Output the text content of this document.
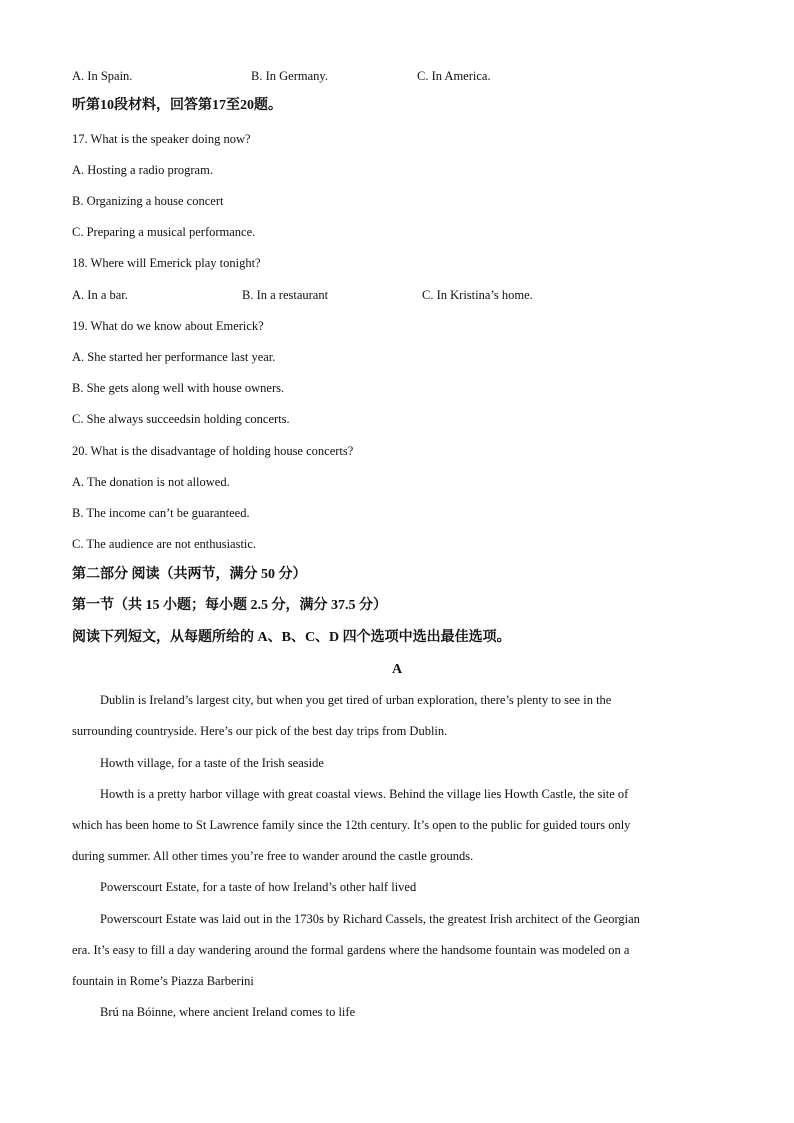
A. In Spain.	B. In Germany.	C. In America.
听第10段材料，回答第17至20题。
17. What is the speaker doing now?
A. Hosting a radio program.
B. Organizing a house concert
C. Preparing a musical performance.
18. Where will Emerick play tonight?
A. In a bar.	B. In a restaurant	C. In Kristina’s home.
19. What do we know about Emerick?
A. She started her performance last year.
B. She gets along well with house owners.
C. She always succeedsin holding concerts.
20. What is the disadvantage of holding house concerts?
A. The donation is not allowed.
B. The income can’t be guaranteed.
C. The audience are not enthusiastic.
第二部分 阅读（共两节，满分 50 分）
第一节（共 15 小题；每小题 2.5 分，满分 37.5 分）
阅读下列短文，从每题所给的 A、B、C、D 四个选项中选出最佳选项。
A
Dublin is Ireland’s largest city, but when you get tired of urban exploration, there’s plenty to see in the
surrounding countryside. Here’s our pick of the best day trips from Dublin.
Howth village, for a taste of the Irish seaside
Howth is a pretty harbor village with great coastal views. Behind the village lies Howth Castle, the site of
which has been home to St Lawrence family since the 12th century. It’s open to the public for guided tours only
during summer. All other times you’re free to wander around the castle grounds.
Powerscourt Estate, for a taste of how Ireland’s other half lived
Powerscourt Estate was laid out in the 1730s by Richard Cassels, the greatest Irish architect of the Georgian
era. It’s easy to fill a day wandering around the formal gardens where the handsome fountain was modeled on a
fountain in Rome’s Piazza Barberini
Brú na Bóinne, where ancient Ireland comes to life
